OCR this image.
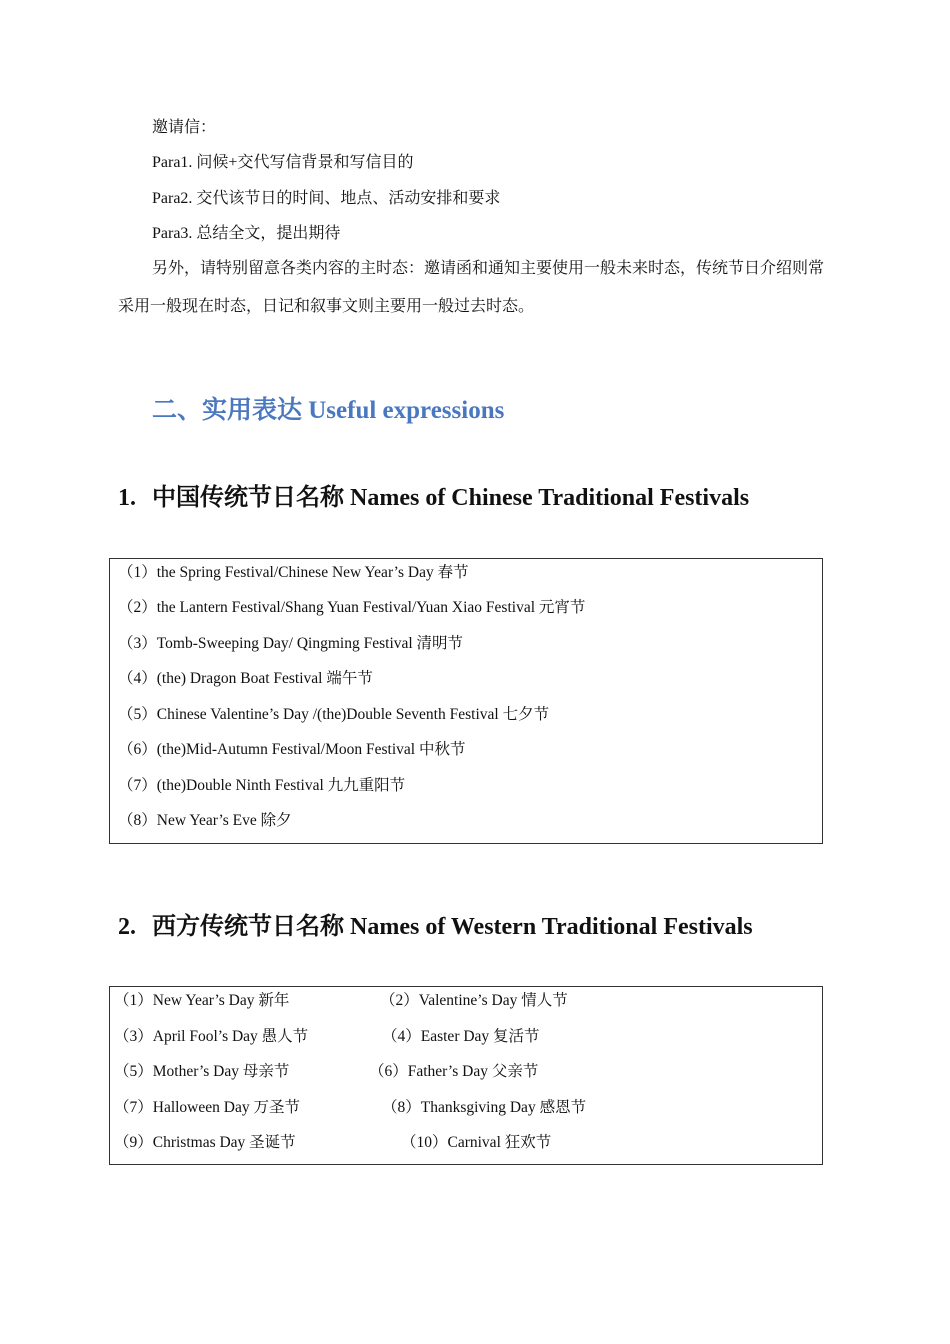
邀请信：
Para1. 问候+交代写信背景和写信目的
Para2. 交代该节日的时间、地点、活动安排和要求
Para3. 总结全文，提出期待
另外，请特别留意各类内容的主时态：邀请函和通知主要使用一般未来时态，传统节日介绍则常采用一般现在时态，日记和叙事文则主要用一般过去时态。
二、实用表达 Useful expressions
1. 中国传统节日名称 Names of Chinese Traditional Festivals
（1）the Spring Festival/Chinese New Year’s Day 春节
（2）the Lantern Festival/Shang Yuan Festival/Yuan Xiao Festival 元宵节
（3）Tomb-Sweeping Day/ Qingming Festival 清明节
（4）(the) Dragon Boat Festival 端午节
（5）Chinese Valentine’s Day /(the)Double Seventh Festival 七夕节
（6）(the)Mid-Autumn Festival/Moon Festival 中秋节
（7）(the)Double Ninth Festival 九九重阳节
（8）New Year’s Eve 除夕
2. 西方传统节日名称 Names of Western Traditional Festivals
（1）New Year’s Day 新年	（2）Valentine’s Day 情人节
（3）April Fool’s Day 愚人节	（4）Easter Day 复活节
（5）Mother’s Day 母亲节	（6）Father’s Day 父亲节
（7）Halloween Day 万圣节	（8）Thanksgiving Day 感恩节
（9）Christmas Day 圣诞节	（10）Carnival 狂欢节
